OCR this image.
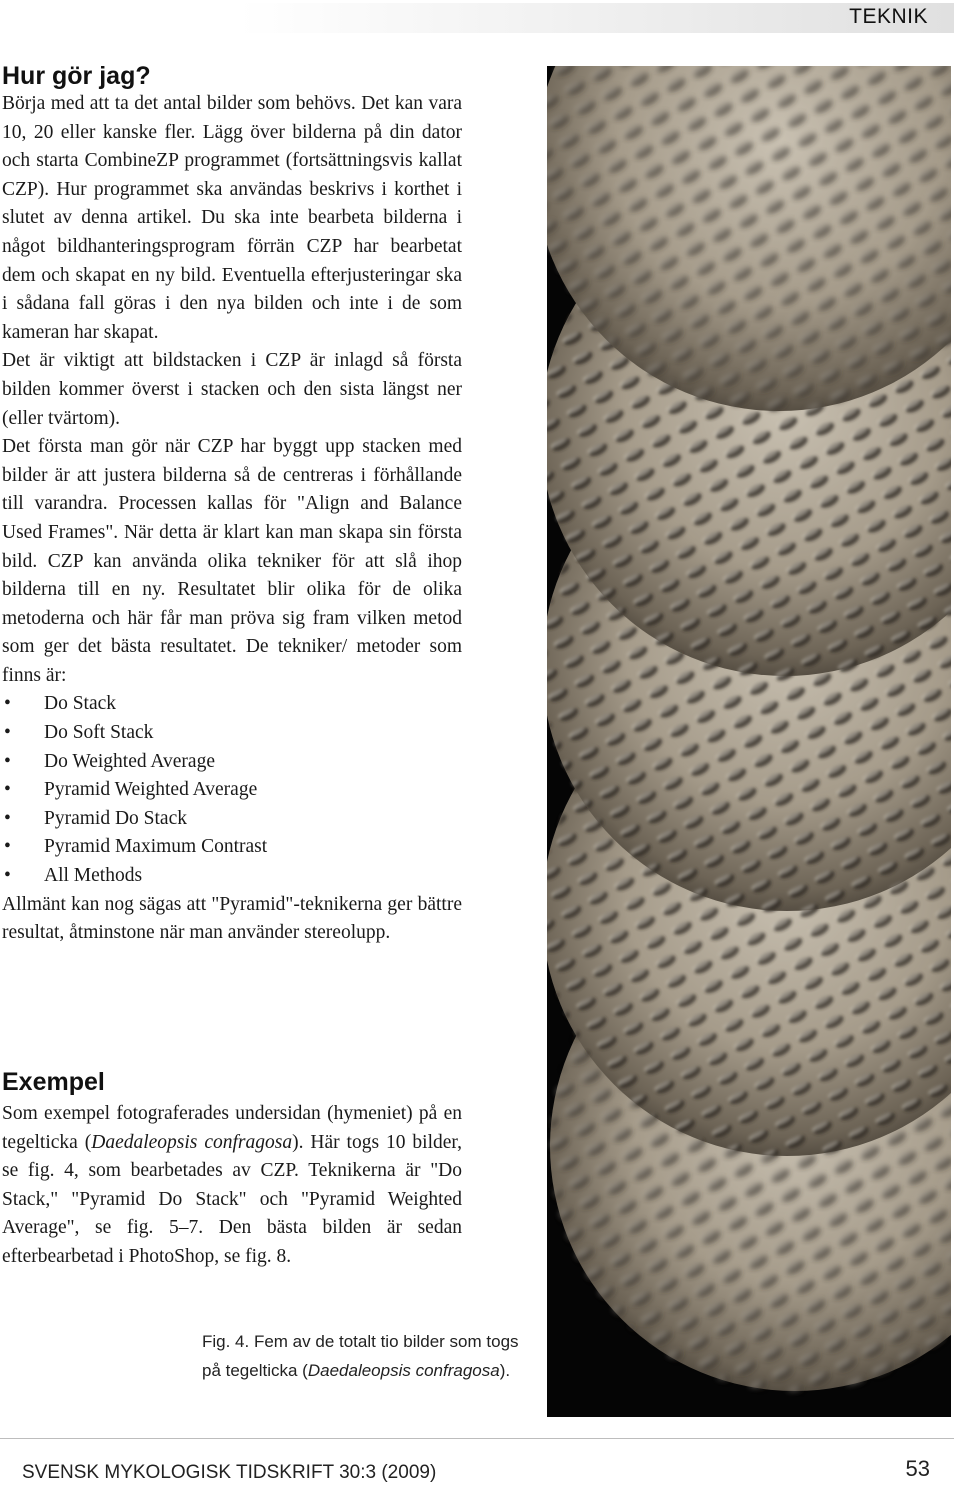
TEKNIK
Hur gör jag?

Börja med att ta det antal bilder som behövs. Det kan vara 10, 20 eller kanske fler. Lägg över bilderna på din dator och starta CombineZP programmet (fortsättningsvis kallat CZP). Hur programmet ska användas beskrivs i korthet i slutet av denna artikel. Du ska inte bearbeta bilderna i något bildhanteringsprogram förrän CZP har bearbetat dem och skapat en ny bild. Eventuella efterjusteringar ska i sådana fall göras i den nya bilden och inte i de som kameran har skapat.

Det är viktigt att bildstacken i CZP är inlagd så första bilden kommer överst i stacken och den sista längst ner (eller tvärtom).

Det första man gör när CZP har byggt upp stacken med bilder är att justera bilderna så de centreras i förhållande till varandra. Processen kallas för "Align and Balance Used Frames". När detta är klart kan man skapa sin första bild. CZP kan använda olika tekniker för att slå ihop bilderna till en ny. Resultatet blir olika för de olika metoderna och här får man pröva sig fram vilken metod som ger det bästa resultatet. De tekniker/ metoder som finns är:

• Do Stack
• Do Soft Stack
• Do Weighted Average
• Pyramid Weighted Average
• Pyramid Do Stack
• Pyramid Maximum Contrast
• All Methods

Allmänt kan nog sägas att "Pyramid"-teknikerna ger bättre resultat, åtminstone när man använder stereolupp.

Exempel

Som exempel fotograferades undersidan (hymeniet) på en tegelticka (Daedaleopsis confragosa). Här togs 10 bilder, se fig. 4, som bearbetades av CZP. Teknikerna är "Do Stack," "Pyramid Do Stack" och "Pyramid Weighted Average", se fig. 5–7. Den bästa bilden är sedan efterbearbetad i PhotoShop, se fig. 8.

Fig. 4. Fem av de totalt tio bilder som togs på tegelticka (Daedaleopsis confragosa).
SVENSK MYKOLOGISK TIDSKRIFT 30:3 (2009)	53
